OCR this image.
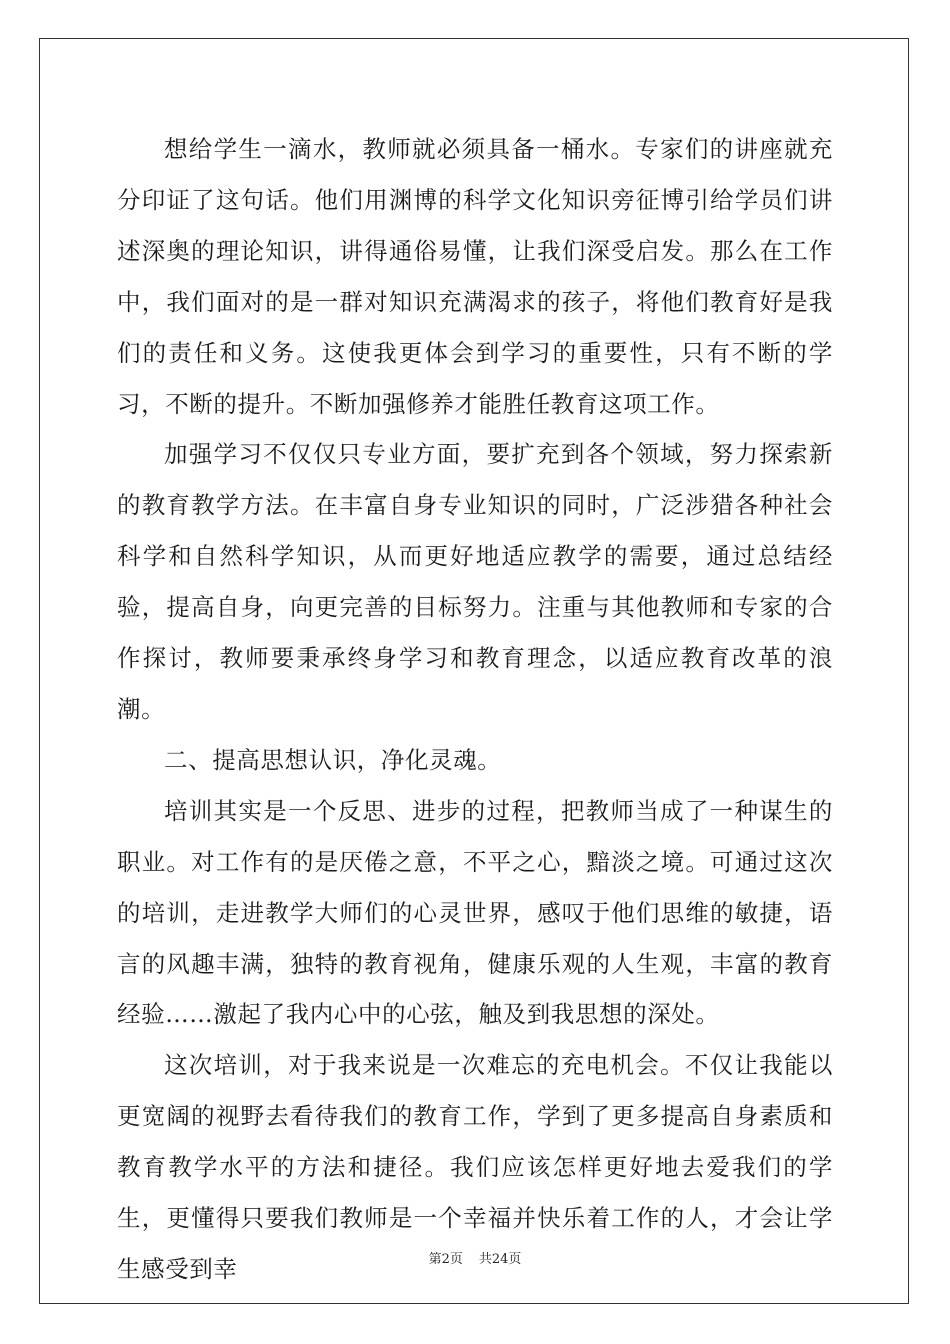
想给学生一滴水，教师就必须具备一桶水。专家们的讲座就充分印证了这句话。他们用渊博的科学文化知识旁征博引给学员们讲述深奥的理论知识，讲得通俗易懂，让我们深受启发。那么在工作中，我们面对的是一群对知识充满渴求的孩子，将他们教育好是我们的责任和义务。这使我更体会到学习的重要性，只有不断的学习，不断的提升。不断加强修养才能胜任教育这项工作。

加强学习不仅仅只专业方面，要扩充到各个领域，努力探索新的教育教学方法。在丰富自身专业知识的同时，广泛涉猎各种社会科学和自然科学知识，从而更好地适应教学的需要，通过总结经验，提高自身，向更完善的目标努力。注重与其他教师和专家的合作探讨，教师要秉承终身学习和教育理念，以适应教育改革的浪潮。

二、提高思想认识，净化灵魂。

培训其实是一个反思、进步的过程，把教师当成了一种谋生的职业。对工作有的是厌倦之意，不平之心，黯淡之境。可通过这次的培训，走进教学大师们的心灵世界，感叹于他们思维的敏捷，语言的风趣丰满，独特的教育视角，健康乐观的人生观，丰富的教育经验……激起了我内心中的心弦，触及到我思想的深处。

这次培训，对于我来说是一次难忘的充电机会。不仅让我能以更宽阔的视野去看待我们的教育工作，学到了更多提高自身素质和教育教学水平的方法和捷径。我们应该怎样更好地去爱我们的学生，更懂得只要我们教师是一个幸福并快乐着工作的人，才会让学生感受到幸	第2页 共24页
